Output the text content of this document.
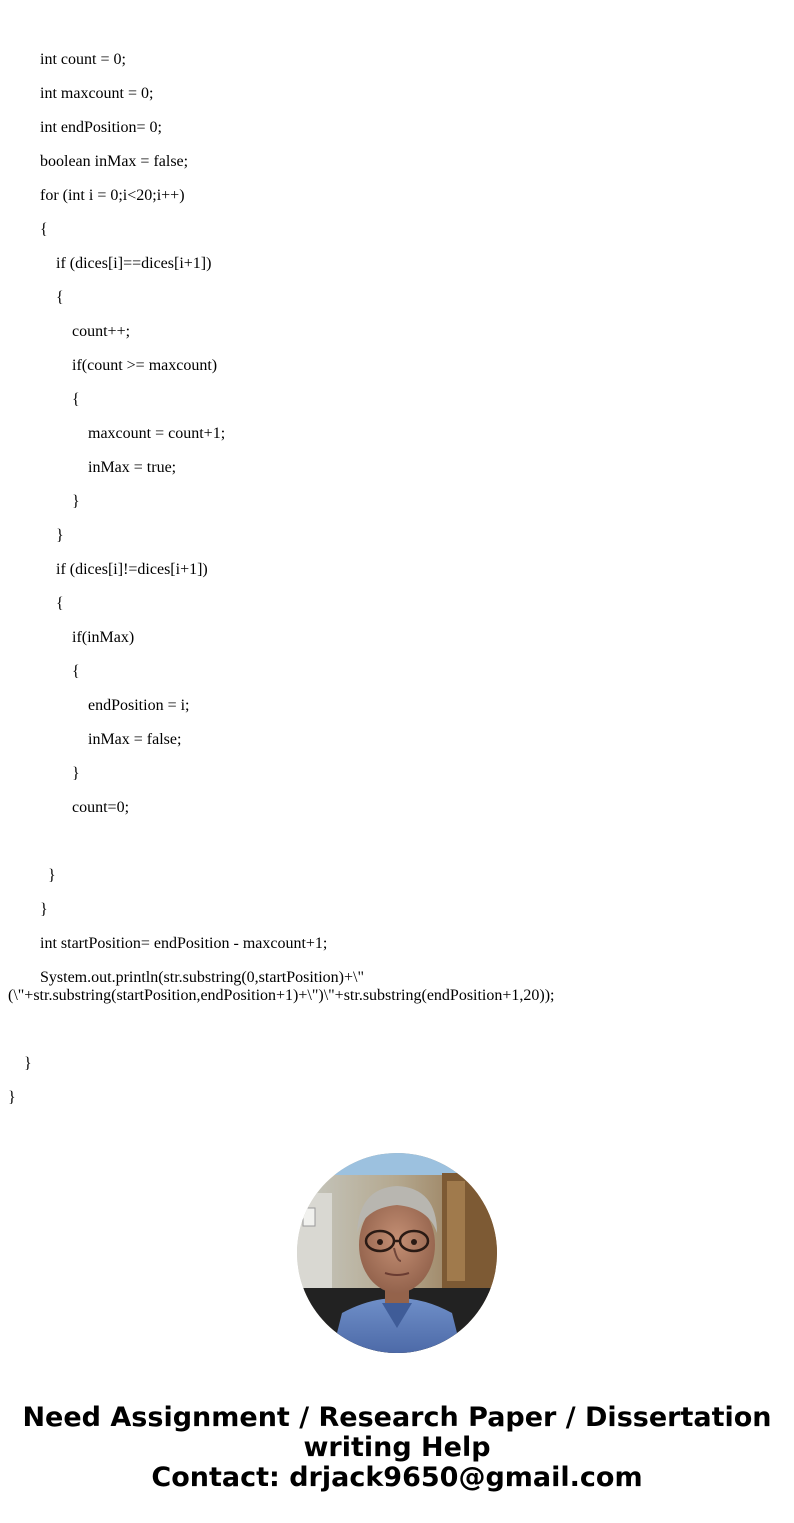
int count = 0;
int maxcount = 0;
int endPosition= 0;
boolean inMax = false;
for (int i = 0;i<20;i++)
{
if (dices[i]==dices[i+1])
{
count++;
if(count >= maxcount)
{
maxcount = count+1;
inMax = true;
}
}
if (dices[i]!=dices[i+1])
{
if(inMax)
{
endPosition = i;
inMax = false;
}
count=0;
}
}
int startPosition= endPosition - maxcount+1;
System.out.println(str.substring(0,startPosition)+\"
(\"+str.substring(startPosition,endPosition+1)+\")\"+str.substring(endPosition+1,20));
}
}
Need Assignment / Research Paper / Dissertation
writing Help
Contact: drjack9650@gmail.com
